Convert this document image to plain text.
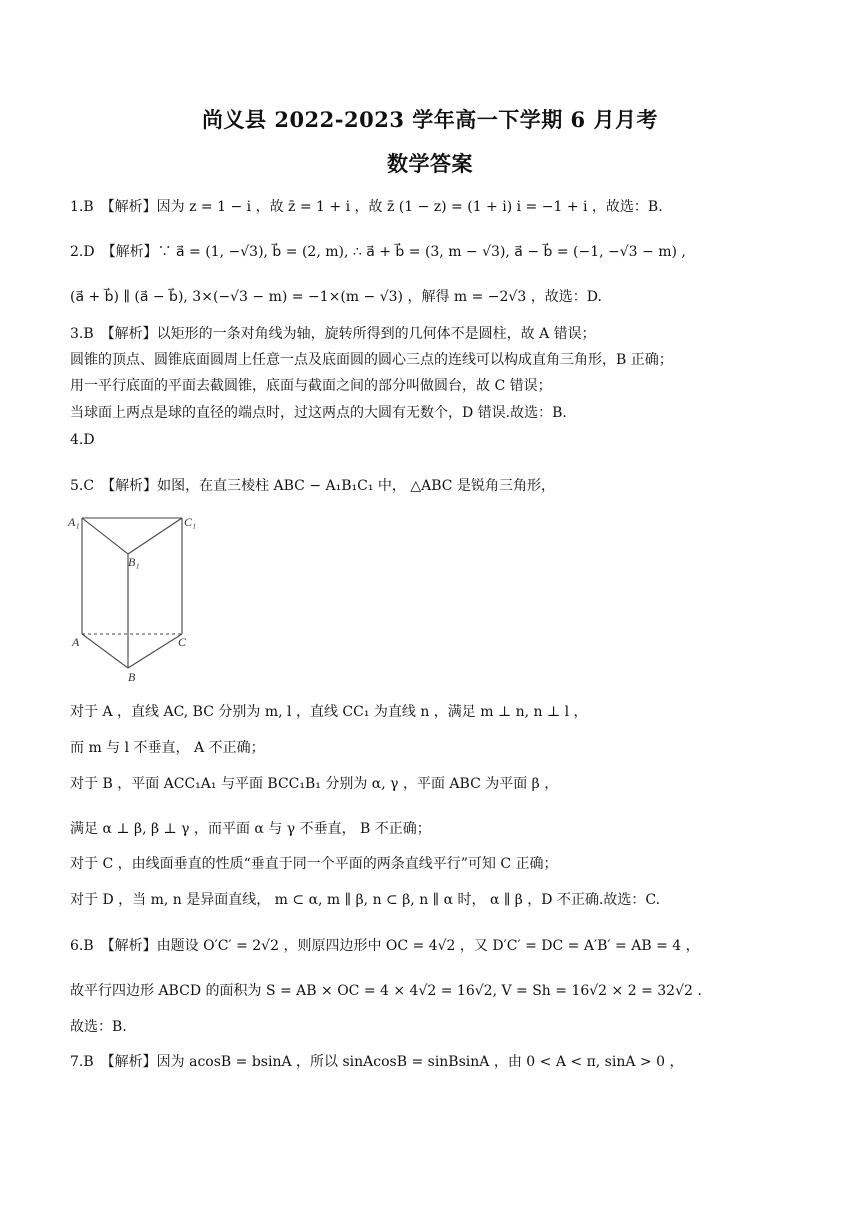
尚义县 2022-2023 学年高一下学期 6 月月考
数学答案
1.B　【解析】因为 z = 1 − i ，故 z̄ = 1 + i ，故 z̄ (1 − z) = (1 + i) i = −1 + i ，故选：B.
2.D　【解析】∵ a⃗ = (1, −√3), b⃗ = (2, m), ∴ a⃗ + b⃗ = (3, m − √3), a⃗ − b⃗ = (−1, −√3 − m) ,
(a⃗ + b⃗) ∥ (a⃗ − b⃗), 3×(−√3 − m) = −1×(m − √3) ，解得 m = −2√3 ，故选：D.
3.B　【解析】以矩形的一条对角线为轴，旋转所得到的几何体不是圆柱，故 A 错误；
圆锥的顶点、圆锥底面圆周上任意一点及底面圆的圆心三点的连线可以构成直角三角形，B 正确；
用一平行底面的平面去截圆锥，底面与截面之间的部分叫做圆台，故 C 错误；
当球面上两点是球的直径的端点时，过这两点的大圆有无数个，D 错误.故选：B.
4.D
5.C　【解析】如图，在直三棱柱 ABC − A₁B₁C₁ 中， △ABC 是锐角三角形，
A₁	C₁
B₁
A	C
B
对于 A ，直线 AC, BC 分别为 m, l ，直线 CC₁ 为直线 n ，满足 m ⊥ n, n ⊥ l ，
而 m 与 l 不垂直， A 不正确；
对于 B ，平面 ACC₁A₁ 与平面 BCC₁B₁ 分别为 α, γ ，平面 ABC 为平面 β ，
满足 α ⊥ β, β ⊥ γ ，而平面 α 与 γ 不垂直， B 不正确；
对于 C ，由线面垂直的性质“垂直于同一个平面的两条直线平行”可知 C 正确；
对于 D ，当 m, n 是异面直线， m ⊂ α, m ∥ β, n ⊂ β, n ∥ α 时， α ∥ β ，D 不正确.故选：C.
6.B　【解析】由题设 O′C′ = 2√2 ，则原四边形中 OC = 4√2 ，又 D′C′ = DC = A′B′ = AB = 4 ，
故平行四边形 ABCD 的面积为 S = AB × OC = 4 × 4√2 = 16√2, V = Sh = 16√2 × 2 = 32√2 .
故选：B.
7.B　【解析】因为 acosB = bsinA ，所以 sinAcosB = sinBsinA ，由 0 < A < π, sinA > 0 ，
